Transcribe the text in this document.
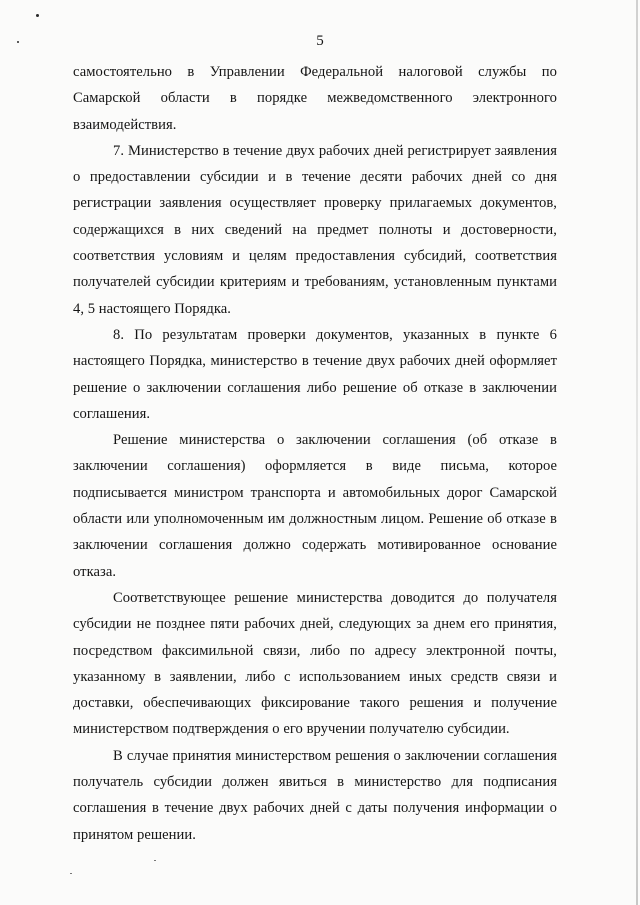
5

самостоятельно в Управлении Федеральной налоговой службы по Самарской области в порядке межведомственного электронного взаимодействия.

7. Министерство в течение двух рабочих дней регистрирует заявления о предоставлении субсидии и в течение десяти рабочих дней со дня регистрации заявления осуществляет проверку прилагаемых документов, содержащихся в них сведений на предмет полноты и достоверности, соответствия условиям и целям предоставления субсидий, соответствия получателей субсидии критериям и требованиям, установленным пунктами 4, 5 настоящего Порядка.

8. По результатам проверки документов, указанных в пункте 6 настоящего Порядка, министерство в течение двух рабочих дней оформляет решение о заключении соглашения либо решение об отказе в заключении соглашения.

Решение министерства о заключении соглашения (об отказе в заключении соглашения) оформляется в виде письма, которое подписывается министром транспорта и автомобильных дорог Самарской области или уполномоченным им должностным лицом. Решение об отказе в заключении соглашения должно содержать мотивированное основание отказа.

Соответствующее решение министерства доводится до получателя субсидии не позднее пяти рабочих дней, следующих за днем его принятия, посредством факсимильной связи, либо по адресу электронной почты, указанному в заявлении, либо с использованием иных средств связи и доставки, обеспечивающих фиксирование такого решения и получение министерством подтверждения о его вручении получателю субсидии.

В случае принятия министерством решения о заключении соглашения получатель субсидии должен явиться в министерство для подписания соглашения в течение двух рабочих дней с даты получения информации о принятом решении.
